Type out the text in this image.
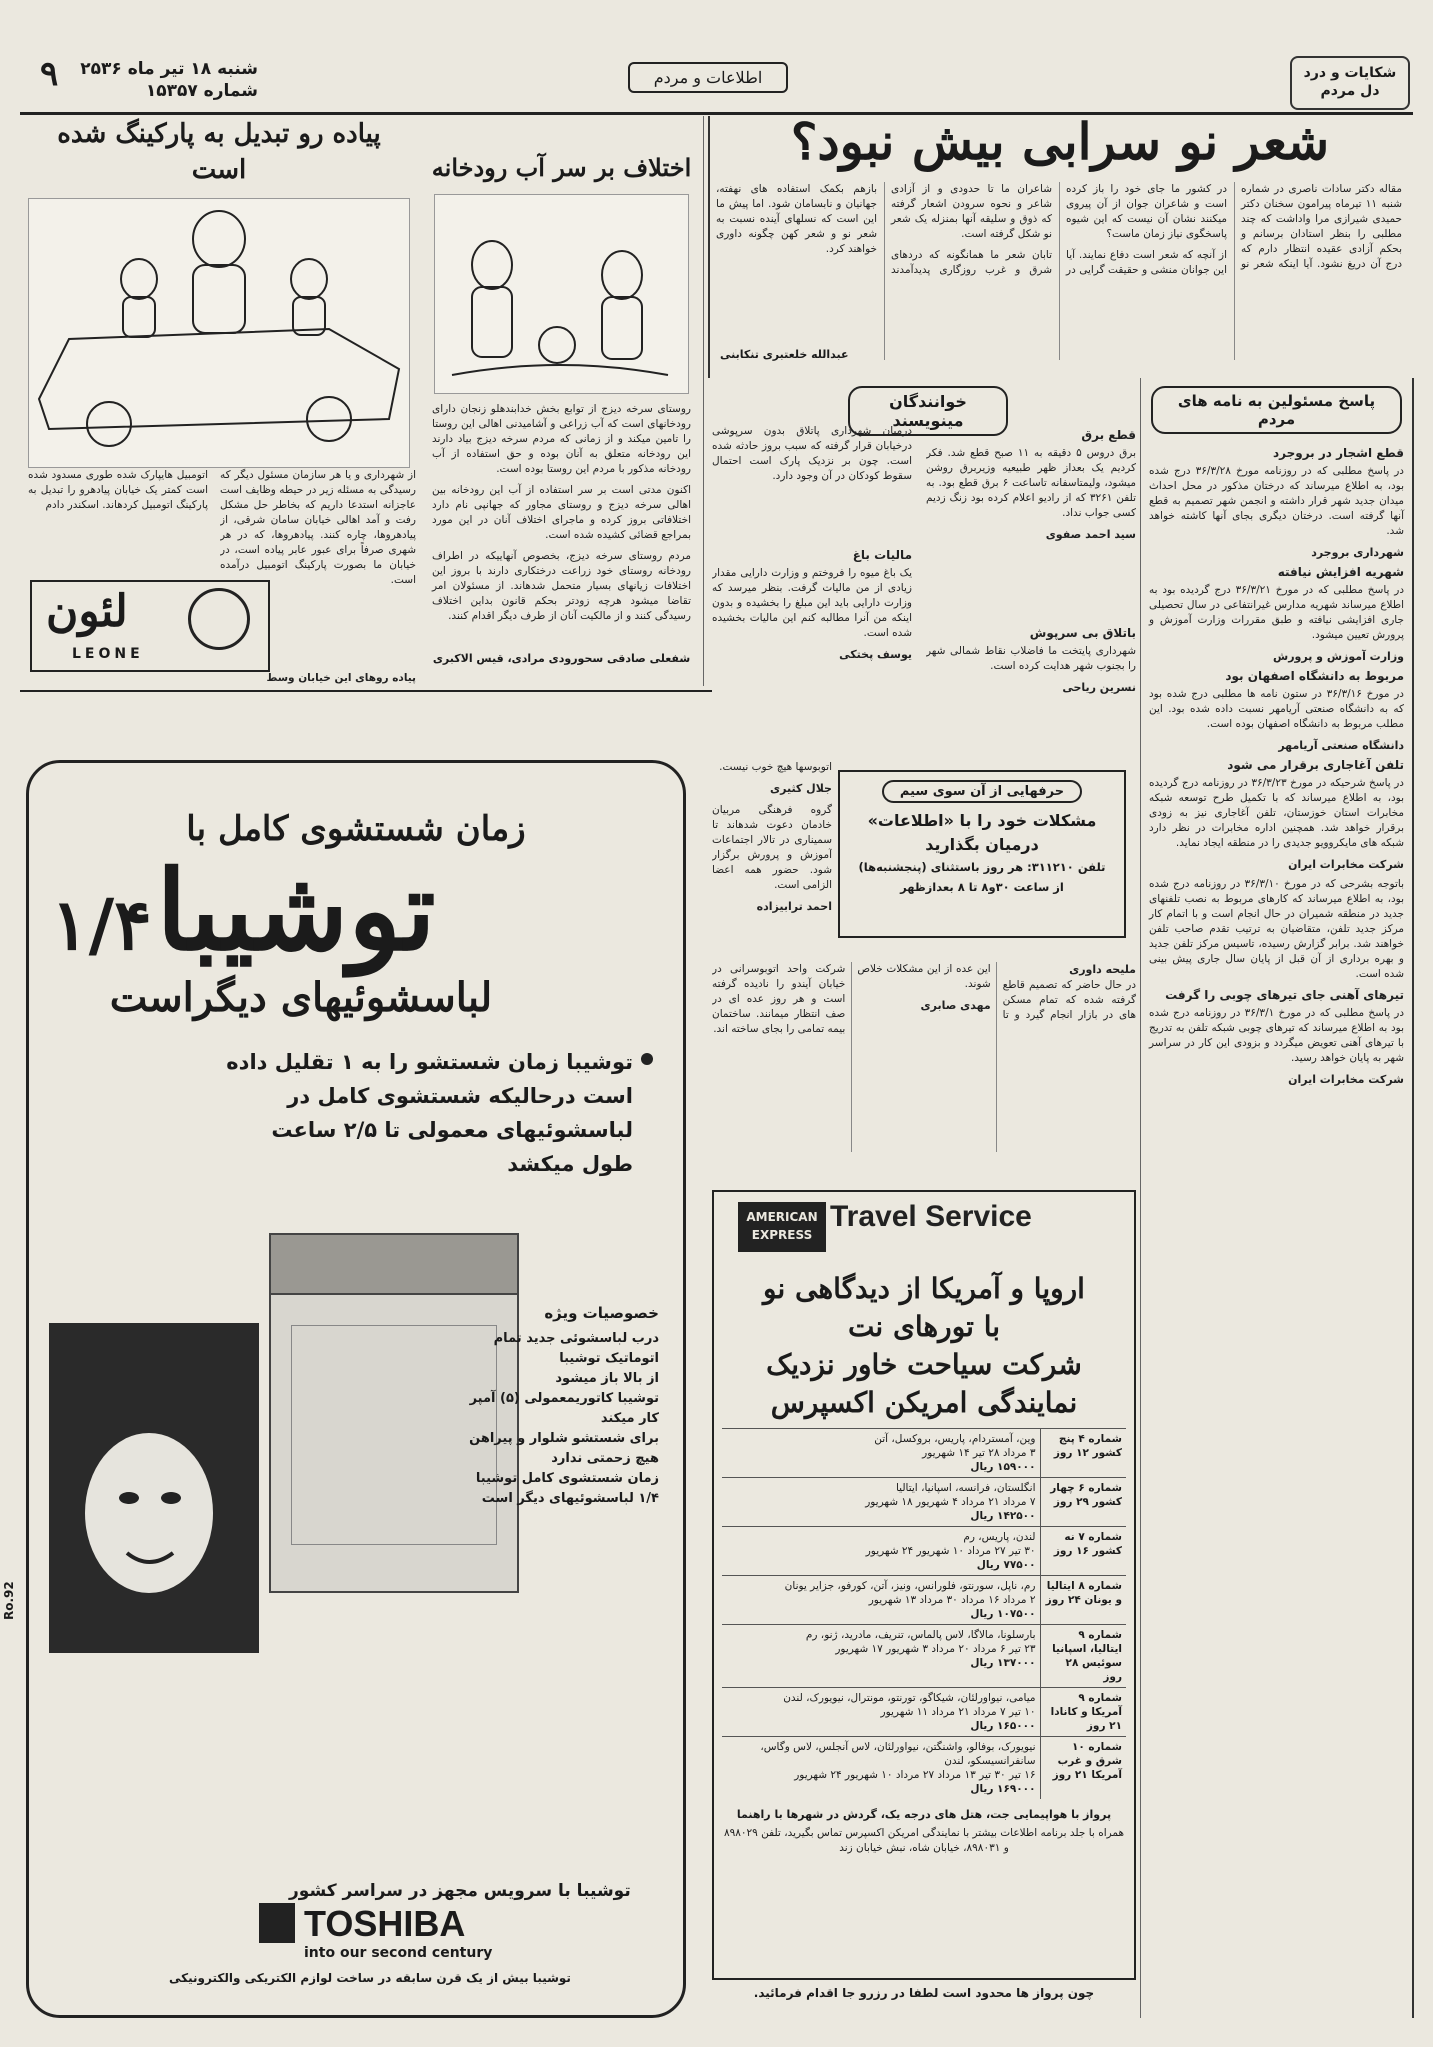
شنبه ۱۸ تیر ماه ۲۵۳۶ شماره ۱۵۳۵۷
۹	اطلاعات و مردم	شکایات و درد دل مردم
شعر نو سرابی بیش نبود؟

مقاله دکتر سادات ناصری در شماره شنبه ۱۱ تیرماه پیرامون سخنان دکتر حمیدی شیرازی مرا واداشت که چند مطلبی را بنظر استادان برسانم و بحکم آزادی عقیده انتظار دارم که درج آن دریغ نشود. آیا اینکه شعر نو در کشور ما جای خود را باز کرده است و شاعران جوان از آن پیروی میکنند نشان آن نیست که این شیوه پاسخگوی نیاز زمان ماست؟

از آنچه که شعر است دفاع نمایند. آیا این جوانان منشی و حقیقت گرایی در شاعران ما تا حدودی و از آزادی شاعر و نحوه سرودن اشعار گرفته که ذوق و سلیقه آنها بمنزله یک شعر نو شکل گرفته است.

تابان شعر ما همانگونه که دردهای شرق و غرب روزگاری پدیدآمدند بازهم بکمک استفاده های نهفته، جهانیان و نابسامان شود. اما پیش ما این است که نسلهای آینده نسبت به شعر نو و شعر کهن چگونه داوری خواهند کرد.

عبدالله خلعتبری تنکابنی
اختلاف بر سر آب رودخانه

روستای سرخه دیزج از توابع بخش خدابندهلو زنجان دارای رودخانهای است که آب زراعی و آشامیدنی اهالی این روستا را تامین میکند و از زمانی که مردم سرخه دیزج بیاد دارند این رودخانه متعلق به آنان بوده و حق استفاده از آب رودخانه مذکور با مردم این روستا بوده است.

اکنون مدتی است بر سر استفاده از آب این رودخانه بین اهالی سرخه دیزج و روستای مجاور که جهانپی نام دارد اختلافاتی بروز کرده و ماجرای اختلاف آنان در این مورد بمراجع قضائی کشیده شده است.

مردم روستای سرخه دیزج، بخصوص آنهاییکه در اطراف رودخانه روستای خود زراعت درختکاری دارند با بروز این اختلافات زیانهای بسیار متحمل شدهاند. از مسئولان امر تقاضا میشود هرچه زودتر بحکم قانون بداین اختلاف رسیدگی کنند و از مالکیت آنان از طرف دیگر اقدام کنند.

شفعلی صادقی سحورودی مرادی، قیس الاکبری
پیاده رو تبدیل به پارکینگ شده است
از شهرداری و یا هر سازمان مسئول دیگر که رسیدگی به مسئله زیر در حیطه وظایف است عاجزانه استدعا داریم که بخاطر حل مشکل رفت و آمد اهالی خیابان سامان شرقی، از پیادهروها، چاره کنند. پیادهروها، که در هر شهری صرفاً برای عبور عابر پیاده است، در خیابان ما بصورت پارکینگ اتومبیل درآمده است.
اتومبیل هایپارک شده طوری مسدود شده است کمتر یک خیابان پیادهرو را تبدیل به پارکینگ اتومبیل کردهاند. اسکندر دادم
پیاده روهای این خیابان وسط
لئون
LEONE
خوانندگان مینویسند
قطع برق

برق دروس ۵ دقیقه به ۱۱ صبح قطع شد. فکر کردیم یک بعداز ظهر طبیعیه وزیربرق روشن میشود، ولیمتاسفانه تاساعت ۶ برق قطع بود. به تلفن ۳۲۶۱ که از رادیو اعلام کرده بود زنگ زدیم کسی جواب نداد.

سید احمد صفوی

درمیان شهرداری پاتلاق بدون سرپوشی درخیابان قرار گرفته که سبب بروز حادثه شده است. چون بر نزدیک پارک است احتمال سقوط کودکان در آن وجود دارد.

ماليات باغ

یک باغ میوه را فروختم و وزارت دارایی مقدار زیادی از من مالیات گرفت. بنظر میرسد که وزارت دارایی باید این مبلغ را بخشیده و بدون اینکه من آنرا مطالبه کنم این مالیات بخشیده شده است.

یوسف پختکی
باتلاق بی سرپوش

شهرداری پایتخت ما فاضلاب نقاط شمالی شهر را بجنوب شهر هدایت کرده است.

نسرین ریاحی
حرفهایی از آن سوی سیم
مشکلات خود را با «اطلاعات»
درمیان بگذارید
تلفن ۳۱۱۲۱۰: هر روز باستثنای (پنجشنبه‌ها)
از ساعت ۳۰و۸ تا ۸ بعدازظهر

اتوبوسها هیچ خوب نیست.

جلال کثیری

گروه فرهنگی مربیان خادمان دعوت شدهاند تا سمیناری در تالار اجتماعات آموزش و پرورش برگزار شود. حضور همه اعضا الزامی است.

احمد ترابیزاده
ملیحه داوری

در حال حاضر که تصمیم قاطع گرفته شده که تمام مسکن های در بازار انجام گیرد و تا این عده از این مشکلات خلاص شوند.

مهدی صابری

شرکت واحد اتوبوسرانی در خیابان آیندو را نادیده گرفته است و هر روز عده ای در صف انتظار میمانند. ساختمان بیمه تمامی را بجای ساخته اند.

پاسخ مسئولین به نامه های مردم
قطع اشجار در بروجرد

در پاسخ مطلبی که در روزنامه مورخ ۳۶/۳/۲۸ درج شده بود، به اطلاع میرساند که درختان مذکور در محل احداث میدان جدید شهر قرار داشته و انجمن شهر تصمیم به قطع آنها گرفته است. درختان دیگری بجای آنها کاشته خواهد شد.

شهرداری بروجرد
شهریه افزایش نیافته

در پاسخ مطلبی که در مورخ ۳۶/۳/۲۱ درج گردیده بود به اطلاع میرساند شهریه مدارس غیرانتفاعی در سال تحصیلی جاری افزایشی نیافته و طبق مقررات وزارت آموزش و پرورش تعیین میشود.

وزارت آموزش و پرورش
مربوط به دانشگاه اصفهان بود

در مورخ ۳۶/۳/۱۶ در ستون نامه ها مطلبی درج شده بود که به دانشگاه صنعتی آریامهر نسبت داده شده بود. این مطلب مربوط به دانشگاه اصفهان بوده است.

دانشگاه صنعتی آریامهر
تلفن آغاجاری برقرار می شود

در پاسخ شرحیکه در مورخ ۳۶/۳/۲۳ در روزنامه درج گردیده بود، به اطلاع میرساند که با تکمیل طرح توسعه شبکه مخابرات استان خوزستان، تلفن آغاجاری نیز به زودی برقرار خواهد شد. همچنین اداره مخابرات در نظر دارد شبکه های مایکروویو جدیدی را در منطقه ایجاد نماید.

شرکت مخابرات ایران

باتوجه بشرحی که در مورخ ۳۶/۳/۱۰ در روزنامه درج شده بود، به اطلاع میرساند که کارهای مربوط به نصب تلفنهای جدید در منطقه شمیران در حال انجام است و با اتمام کار مرکز جدید تلفن، متقاضیان به ترتیب تقدم صاحب تلفن خواهند شد. برابر گزارش رسیده، تاسیس مرکز تلفن جدید و بهره برداری از آن قبل از پایان سال جاری پیش بینی شده است.

تیرهای آهنی جای تیرهای چوبی را گرفت

در پاسخ مطلبی که در مورخ ۳۶/۳/۱ در روزنامه درج شده بود به اطلاع میرساند که تیرهای چوبی شبکه تلفن به تدریج با تیرهای آهنی تعویض میگردد و بزودی این کار در سراسر شهر به پایان خواهد رسید.

شرکت مخابرات ایران
زمان شستشوی کامل با
توشیبا
۱/۴
لباسشوئیهای دیگراست
توشیبا زمان شستشو را به ۱ تقلیل داده است درحالیکه شستشوی کامل در لباسشوئیهای معمولی تا ۲/۵ ساعت طول میکشد
خصوصیات ویژه
درب لباسشوئی جدید تمام اتوماتیک توشیبا
از بالا باز میشود
توشیبا کاتوریمعمولی (۵) آمپر کار میکند
برای شستشو شلوار و پیراهن هیچ زحمتی ندارد
زمان شستشوی کامل توشیبا ۱/۴ لباسشوئیهای دیگر است
توشیبا با سرویس مجهز در سراسر کشور
TOSHIBA
into our second century
توشیبا بیش از یک قرن سابقه در ساخت لوازم الکتریکی والکترونیکی
Ro.92
AMERICAN
EXPRESS
Travel Service
اروپا و آمریکا از دیدگاهی نو
با تورهای نت
شرکت سیاحت خاور نزدیک
نمایندگی امریکن اکسپرس
شماره ۴ پنج کشور ۱۲ روز	وین، آمستردام، پاریس، بروکسل، آتن
۳ مرداد ۲۸ تیر ۱۴ شهریور
۱۵۹۰۰۰ ریال

شماره ۶ چهار کشور ۲۹ روز	انگلستان، فرانسه، اسپانیا، ایتالیا
۷ مرداد ۲۱ مرداد ۴ شهریور ۱۸ شهریور
۱۴۲۵۰۰ ریال

شماره ۷ نه کشور ۱۶ روز	لندن، پاریس، رم
۳۰ تیر ۲۷ مرداد ۱۰ شهریور ۲۴ شهریور
۷۷۵۰۰ ریال

شماره ۸ ایتالیا و یونان ۲۴ روز	رم، ناپل، سورنتو، فلورانس، ونیز، آتن، کورفو، جزایر یونان
۲ مرداد ۱۶ مرداد ۳۰ مرداد ۱۳ شهریور
۱۰۷۵۰۰ ریال

شماره ۹ ایتالیا، اسپانیا سوئیس ۲۸ روز	بارسلونا، مالاگا، لاس پالماس، تنریف، مادرید، ژنو، رم
۲۳ تیر ۶ مرداد ۲۰ مرداد ۳ شهریور ۱۷ شهریور
۱۳۷۰۰۰ ریال

شماره ۹ آمریکا و کانادا ۲۱ روز	میامی، نیواورلئان، شیکاگو، تورنتو، مونترال، نیویورک، لندن
۱۰ تیر ۷ مرداد ۲۱ مرداد ۱۱ شهریور
۱۶۵۰۰۰ ریال

شماره ۱۰ شرق و غرب آمریکا ۲۱ روز	نیویورک، بوفالو، واشنگتن، نیواورلئان، لاس آنجلس، لاس وگاس، سانفرانسیسکو، لندن
۱۶ تیر ۳۰ تیر ۱۳ مرداد ۲۷ مرداد ۱۰ شهریور ۲۴ شهریور
۱۶۹۰۰۰ ریال
پرواز با هواپیمایی جت، هتل های درجه یک، گردش در شهرها با راهنما
همراه با جلد برنامه اطلاعات بیشتر با نمایندگی امریکن اکسپرس تماس بگیرید، تلفن ۸۹۸۰۲۹ و ۸۹۸۰۳۱، خیابان شاه، نبش خیابان زند
چون پرواز ها محدود است لطفا در رزرو جا اقدام فرمائید.
